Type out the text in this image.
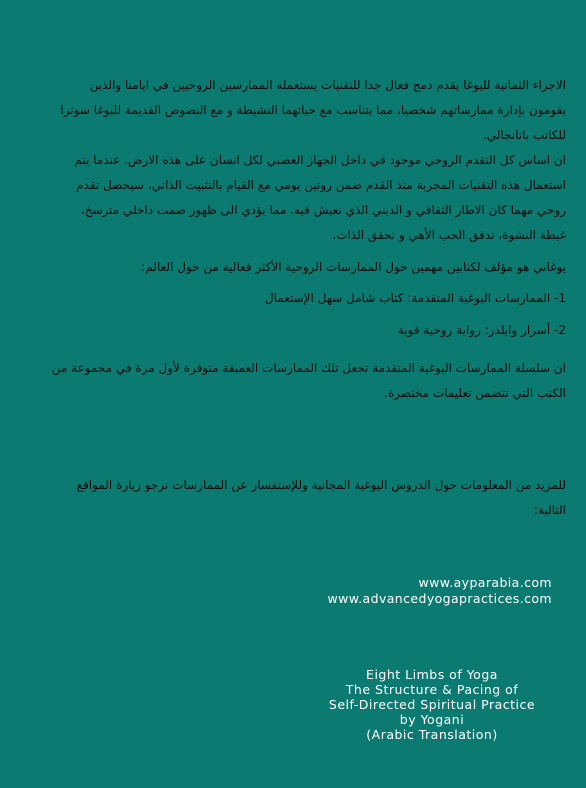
الاجزاء الثمانية لليوغا يقدم دمج فعال جدا للتقنيات يستعمله الممارسين الروحيين في ايامنا والذين يقومون بإدارة ممارساتهم شخصيا، مما يتناسب مع حياتهما النشيطة و مع النصوص القديمة لليوغا سوترا للكاتب باتانجالي.
ان اساس كل التقدم الروحي موجود في داخل الجهاز العصبي لكل انسان على هذه الارض. عندما يتم استعمال هذه التقنيات المجربة منذ القدم ضمن روتين يومي مع القيام بالتثبيت الذاتي، سيحصل تقدم روحي مهما كان الاطار الثقافي و الديني الذي نعيش فيه. مما يؤدي الى ظهور صمت داخلي مترسخ، غبطة النشوة، تدفق الحب الأهي و تحقق الذات.
يوغاني هو مؤلف لكتابين مهمين حول الممارسات الروحية الأكثر فعالية من حول العالم:
1- الممارسات اليوغية المتقدمة: كتاب شامل سهل الإستعمال
2- أسرار وايلدر: رواية روحية قوية
ان سلسلة الممارسات اليوغية المتقدمة تجعل تلك الممارسات العميقة متوفرة لأول مرة في مجموعة من الكتب التي تتضمن تعليمات مختصرة.
للمزيد من المعلومات حول الدروس اليوغية المجانية وللإستفسار عن الممارسات نرجو زيارة المواقع التالية:
www.ayparabia.com
www.advancedyogapractices.com
Eight Limbs of Yoga
The Structure & Pacing of
Self-Directed Spiritual Practice
by Yogani
(Arabic Translation)
